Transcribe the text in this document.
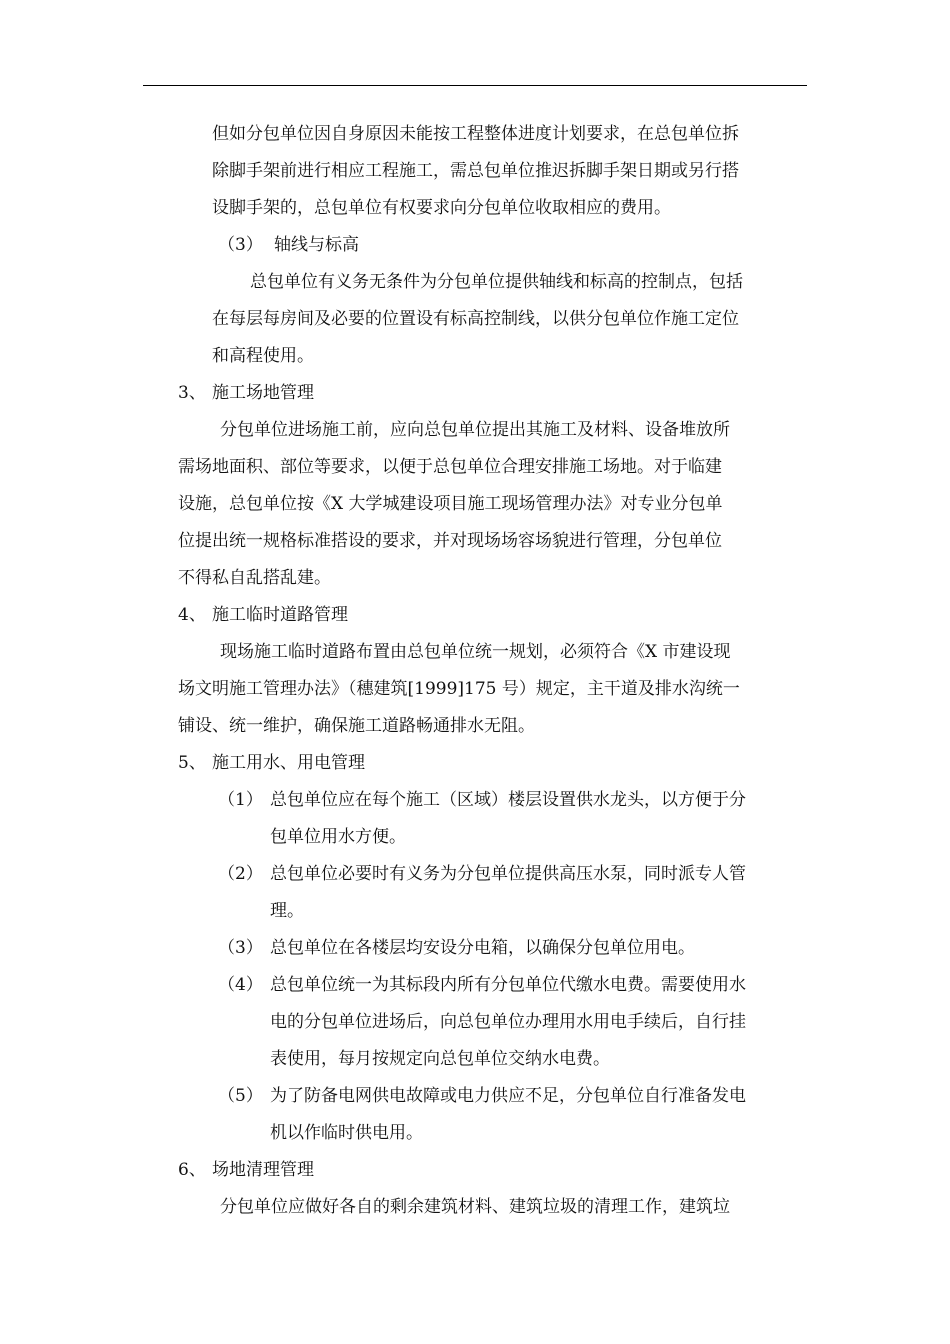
但如分包单位因自身原因未能按工程整体进度计划要求，在总包单位拆
除脚手架前进行相应工程施工，需总包单位推迟拆脚手架日期或另行搭
设脚手架的，总包单位有权要求向分包单位收取相应的费用。
（3） 轴线与标高
总包单位有义务无条件为分包单位提供轴线和标高的控制点，包括
在每层每房间及必要的位置设有标高控制线，以供分包单位作施工定位
和高程使用。
3、 施工场地管理
分包单位进场施工前，应向总包单位提出其施工及材料、设备堆放所
需场地面积、部位等要求，以便于总包单位合理安排施工场地。对于临建
设施，总包单位按《X 大学城建设项目施工现场管理办法》对专业分包单
位提出统一规格标准搭设的要求，并对现场场容场貌进行管理，分包单位
不得私自乱搭乱建。
4、 施工临时道路管理
现场施工临时道路布置由总包单位统一规划，必须符合《X 市建设现
场文明施工管理办法》（穗建筑[1999]175 号）规定，主干道及排水沟统一
铺设、统一维护，确保施工道路畅通排水无阻。
5、 施工用水、用电管理
（1） 总包单位应在每个施工（区域）楼层设置供水龙头，以方便于分
包单位用水方便。
（2） 总包单位必要时有义务为分包单位提供高压水泵，同时派专人管
理。
（3） 总包单位在各楼层均安设分电箱，以确保分包单位用电。
（4） 总包单位统一为其标段内所有分包单位代缴水电费。需要使用水
电的分包单位进场后，向总包单位办理用水用电手续后，自行挂
表使用，每月按规定向总包单位交纳水电费。
（5） 为了防备电网供电故障或电力供应不足，分包单位自行准备发电
机以作临时供电用。
6、 场地清理管理
分包单位应做好各自的剩余建筑材料、建筑垃圾的清理工作，建筑垃
